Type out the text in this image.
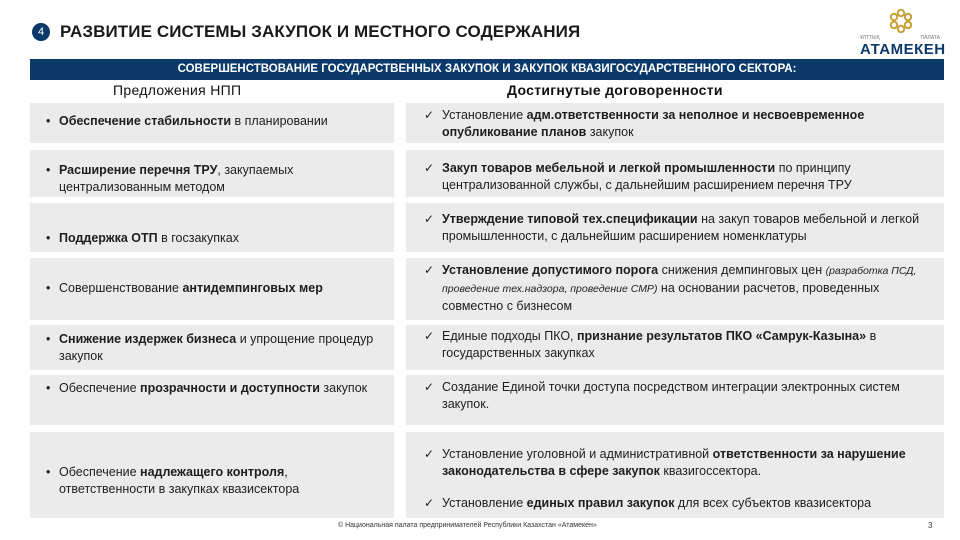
4 РАЗВИТИЕ СИСТЕМЫ ЗАКУПОК И МЕСТНОГО СОДЕРЖАНИЯ	ҰЛТТЫҚ	ПАЛАТА
АТАМЕКЕН
СОВЕРШЕНСТВОВАНИЕ ГОСУДАРСТВЕННЫХ ЗАКУПОК И ЗАКУПОК КВАЗИГОСУДАРСТВЕННОГО СЕКТОРА:
Предложения НПП	Достигнутые договоренности
• Обеспечение стабильности в планировании	✓ Установление адм.ответственности за неполное и несвоевременное опубликование планов закупок
• Расширение перечня ТРУ, закупаемых централизованным методом
✓ Закуп товаров мебельной и легкой промышленности по принципу централизованной службы, с дальнейшим расширением перечня ТРУ
• Поддержка ОТП в госзакупках
✓ Утверждение типовой тех.спецификации на закуп товаров мебельной и легкой промышленности, с дальнейшим расширением номенклатуры
• Совершенствование антидемпинговых мер
✓ Установление допустимого порога снижения демпинговых цен (разработка ПСД, проведение тех.надзора, проведение СМР) на основании расчетов, проведенных совместно с бизнесом
• Снижение издержек бизнеса и упрощение процедур закупок
✓ Единые подходы ПКО, признание результатов ПКО «Самрук-Казына» в государственных закупках
• Обеспечение прозрачности и доступности закупок	✓ Создание Единой точки доступа посредством интеграции электронных систем закупок.
• Обеспечение надлежащего контроля, ответственности в закупках квазисектора
✓ Установление уголовной и административной ответственности за нарушение законодательства в сфере закупок квазигоссектора.
✓ Установление единых правил закупок для всех субъектов квазисектора
© Национальная палата предпринимателей Республики Казахстан «Атамекен»	3
